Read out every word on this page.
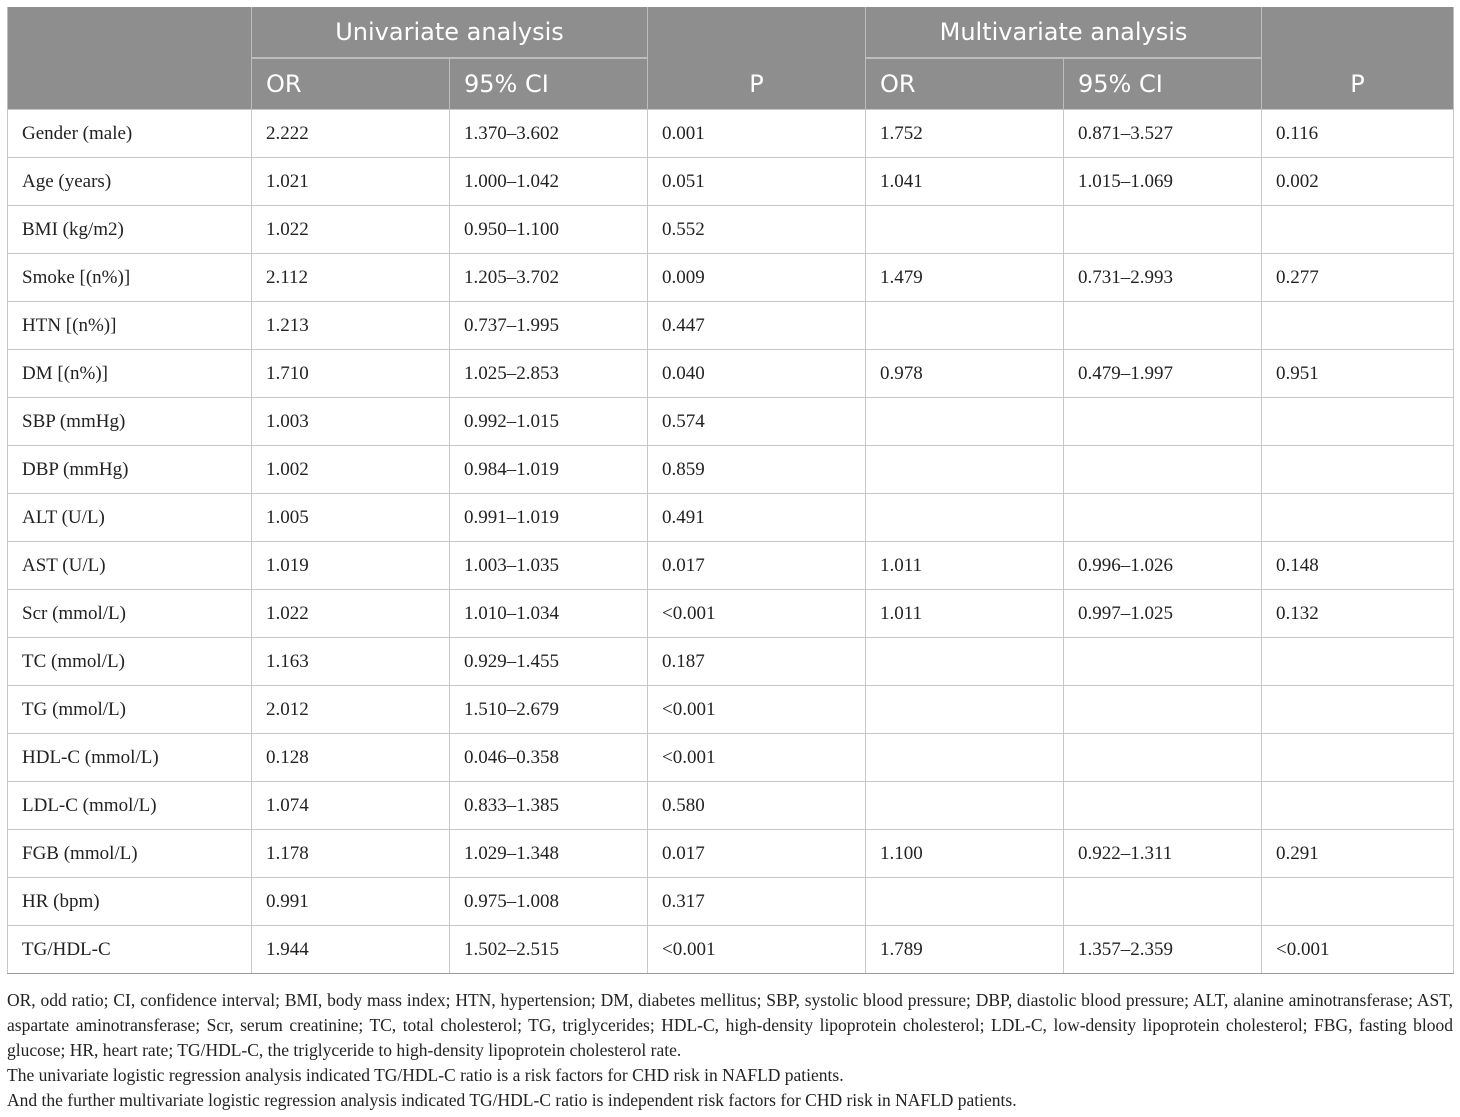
	Univariate analysis			Multivariate analysis		
	OR	95% CI	P	OR	95% CI	P
Gender (male)	2.222	1.370–3.602	0.001	1.752	0.871–3.527	0.116
Age (years)	1.021	1.000–1.042	0.051	1.041	1.015–1.069	0.002
BMI (kg/m2)	1.022	0.950–1.100	0.552			
Smoke [(n%)]	2.112	1.205–3.702	0.009	1.479	0.731–2.993	0.277
HTN [(n%)]	1.213	0.737–1.995	0.447			
DM [(n%)]	1.710	1.025–2.853	0.040	0.978	0.479–1.997	0.951
SBP (mmHg)	1.003	0.992–1.015	0.574			
DBP (mmHg)	1.002	0.984–1.019	0.859			
ALT (U/L)	1.005	0.991–1.019	0.491			
AST (U/L)	1.019	1.003–1.035	0.017	1.011	0.996–1.026	0.148
Scr (mmol/L)	1.022	1.010–1.034	<0.001	1.011	0.997–1.025	0.132
TC (mmol/L)	1.163	0.929–1.455	0.187			
TG (mmol/L)	2.012	1.510–2.679	<0.001			
HDL-C (mmol/L)	0.128	0.046–0.358	<0.001			
LDL-C (mmol/L)	1.074	0.833–1.385	0.580			
FGB (mmol/L)	1.178	1.029–1.348	0.017	1.100	0.922–1.311	0.291
HR (bpm)	0.991	0.975–1.008	0.317			
TG/HDL-C	1.944	1.502–2.515	<0.001	1.789	1.357–2.359	<0.001

OR, odd ratio; CI, confidence interval; BMI, body mass index; HTN, hypertension; DM, diabetes mellitus; SBP, systolic blood pressure; DBP, diastolic blood pressure; ALT, alanine aminotransferase; AST, aspartate aminotransferase; Scr, serum creatinine; TC, total cholesterol; TG, triglycerides; HDL-C, high-density lipoprotein cholesterol; LDL-C, low-density lipoprotein cholesterol; FBG, fasting blood glucose; HR, heart rate; TG/HDL-C, the triglyceride to high-density lipoprotein cholesterol rate.

The univariate logistic regression analysis indicated TG/HDL-C ratio is a risk factors for CHD risk in NAFLD patients.

And the further multivariate logistic regression analysis indicated TG/HDL-C ratio is independent risk factors for CHD risk in NAFLD patients.
